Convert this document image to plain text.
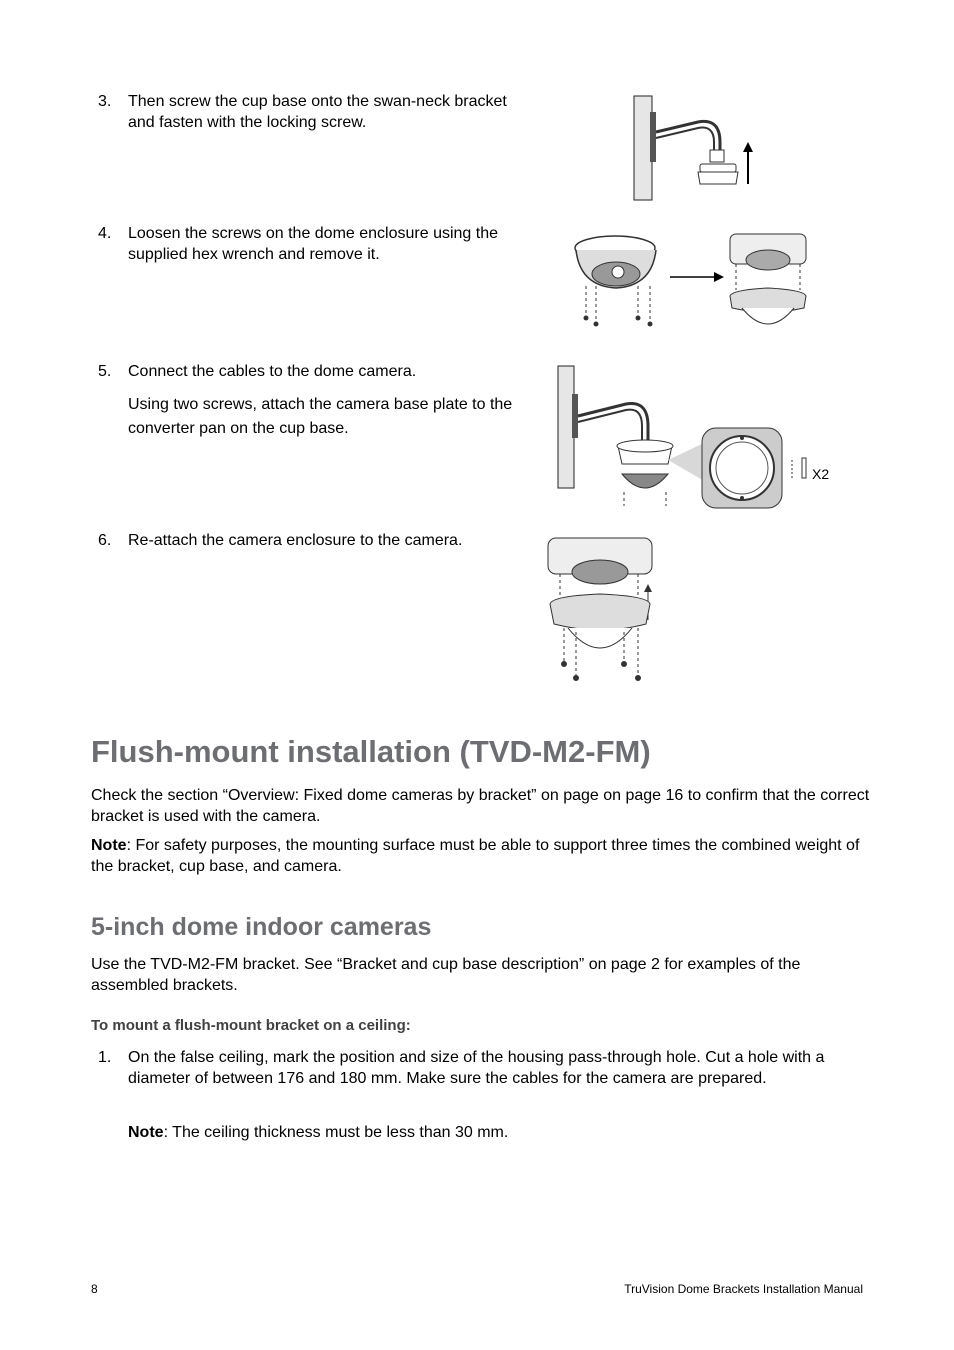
3. Then screw the cup base onto the swan-neck bracket and fasten with the locking screw.
4. Loosen the screws on the dome enclosure using the supplied hex wrench and remove it.
5. Connect the cables to the dome camera.
Using two screws, attach the camera base plate to the converter pan on the cup base.
X2
6. Re-attach the camera enclosure to the camera.
Flush-mount installation (TVD-M2-FM)
Check the section “Overview: Fixed dome cameras by bracket” on page on page 16 to confirm that the correct bracket is used with the camera.
Note: For safety purposes, the mounting surface must be able to support three times the combined weight of the bracket, cup base, and camera.
5-inch dome indoor cameras
Use the TVD-M2-FM bracket. See “Bracket and cup base description” on page 2 for examples of the assembled brackets.
To mount a flush-mount bracket on a ceiling:
1. On the false ceiling, mark the position and size of the housing pass-through hole. Cut a hole with a diameter of between 176 and 180 mm. Make sure the cables for the camera are prepared.
Note: The ceiling thickness must be less than 30 mm.
8	TruVision Dome Brackets Installation Manual
